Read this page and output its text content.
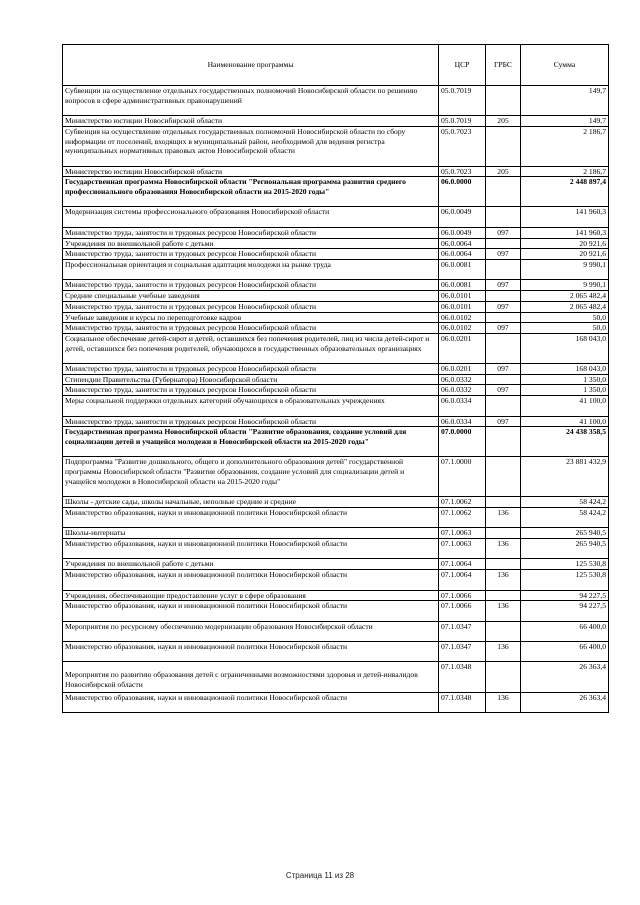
Наименование программы	ЦСР	ГРБС	Сумма
Субвенции на осуществление отдельных государственных полномочий Новосибирской области по решению вопросов в сфере административных правонарушений	05.0.7019		149,7
Министерство юстиции Новосибирской области	05.0.7019	205	149,7
Субвенция на осуществление отдельных государственных полномочий Новосибирской области по сбору информации от поселений, входящих в муниципальный район, необходимой для ведения регистра муниципальных нормативных правовых актов Новосибирской области	05.0.7023		2 186,7
Министерство юстиции Новосибирской области	05.0.7023	205	2 186,7
Государственная программа Новосибирской области "Региональная программа развития среднего профессионального образования Новосибирской области на 2015-2020 годы"	06.0.0000		2 448 897,4
Модернизация системы профессионального образования Новосибирской области	06.0.0049		141 960,3
Министерство труда, занятости и трудовых ресурсов Новосибирской области	06.0.0049	097	141 960,3
Учреждения по внешкольной работе с детьми	06.0.0064		20 921,6
Министерство труда, занятости и трудовых ресурсов Новосибирской области	06.0.0064	097	20 921,6
Профессиональная ориентация и социальная адаптация молодежи на рынке труда	06.0.0081		9 990,1
Министерство труда, занятости и трудовых ресурсов Новосибирской области	06.0.0081	097	9 990,1
Средние специальные учебные заведения	06.0.0101		2 065 482,4
Министерство труда, занятости и трудовых ресурсов Новосибирской области	06.0.0101	097	2 065 482,4
Учебные заведения и курсы по переподготовке кадров	06.0.0102		50,0
Министерство труда, занятости и трудовых ресурсов Новосибирской области	06.0.0102	097	50,0
Социальное обеспечение детей-сирот и детей, оставшихся без попечения родителей, лиц из числа детей-сирот и детей, оставшихся без попечения родителей, обучающихся в государственных образовательных организациях	06.0.0201		168 043,0
Министерство труда, занятости и трудовых ресурсов Новосибирской области	06.0.0201	097	168 043,0
Стипендии Правительства (Губернатора) Новосибирской области	06.0.0332		1 350,0
Министерство труда, занятости и трудовых ресурсов Новосибирской области	06.0.0332	097	1 350,0
Меры социальной поддержки отдельных категорий обучающихся в образовательных учреждениях	06.0.0334		41 100,0
Министерство труда, занятости и трудовых ресурсов Новосибирской области	06.0.0334	097	41 100,0
Государственная программа Новосибирской области "Развитие образования, создание условий для социализации детей и учащейся молодежи в Новосибирской области на 2015-2020 годы"	07.0.0000		24 438 358,5
Подпрограмма "Развитие дошкольного, общего и дополнительного образования детей" государственной программы Новосибирской области "Развитие образования, создание условий для социализации детей и учащейся молодежи в Новосибирской области на 2015-2020 годы"	07.1.0000		23 881 432,9
Школы - детские сады, школы начальные, неполные средние и средние	07.1.0062		58 424,2
Министерство образования, науки и инновационной политики Новосибирской области	07.1.0062	136	58 424,2
Школы-интернаты	07.1.0063		265 940,5
Министерство образования, науки и инновационной политики Новосибирской области	07.1.0063	136	265 940,5
Учреждения по внешкольной работе с детьми	07.1.0064		125 530,8
Министерство образования, науки и инновационной политики Новосибирской области	07.1.0064	136	125 530,8
Учреждения, обеспечивающие предоставление услуг в сфере образования	07.1.0066		94 227,5
Министерство образования, науки и инновационной политики Новосибирской области	07.1.0066	136	94 227,5
Мероприятия по ресурсному обеспечению модернизации образования Новосибирской области	07.1.0347		66 400,0
Министерство образования, науки и инновационной политики Новосибирской области	07.1.0347	136	66 400,0
Мероприятия по развитию образования детей с ограниченными возможностями здоровья и детей-инвалидов Новосибирской области	07.1.0348		26 363,4
Министерство образования, науки и инновационной политики Новосибирской области	07.1.0348	136	26 363,4
Страница 11 из 28
